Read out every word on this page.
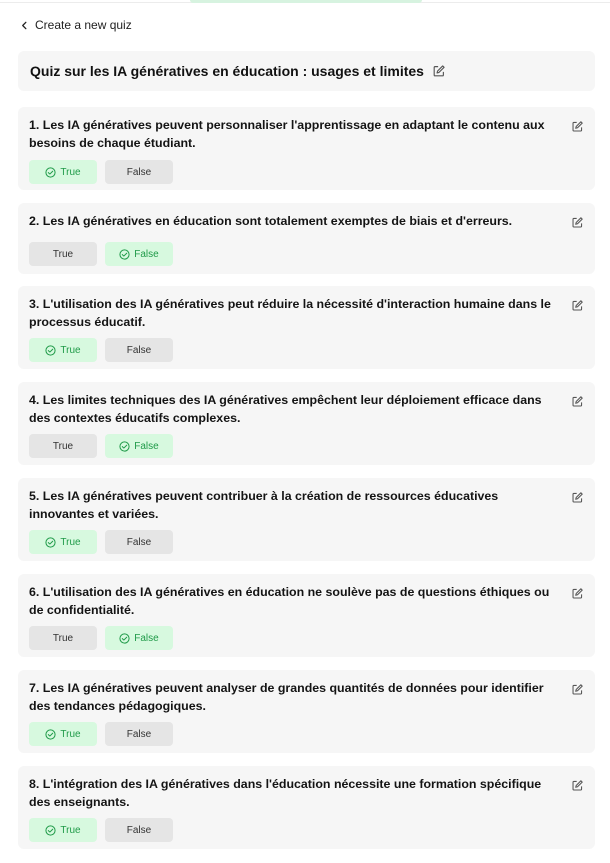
Create a new quiz
Quiz sur les IA génératives en éducation : usages et limites
1. Les IA génératives peuvent personnaliser l'apprentissage en adaptant le contenu aux besoins de chaque étudiant.
True	False
2. Les IA génératives en éducation sont totalement exemptes de biais et d'erreurs.
True	False
3. L'utilisation des IA génératives peut réduire la nécessité d'interaction humaine dans le processus éducatif.
True	False
4. Les limites techniques des IA génératives empêchent leur déploiement efficace dans des contextes éducatifs complexes.
True	False
5. Les IA génératives peuvent contribuer à la création de ressources éducatives innovantes et variées.
True	False
6. L'utilisation des IA génératives en éducation ne soulève pas de questions éthiques ou de confidentialité.
True	False
7. Les IA génératives peuvent analyser de grandes quantités de données pour identifier des tendances pédagogiques.
True	False
8. L'intégration des IA génératives dans l'éducation nécessite une formation spécifique des enseignants.
True	False
